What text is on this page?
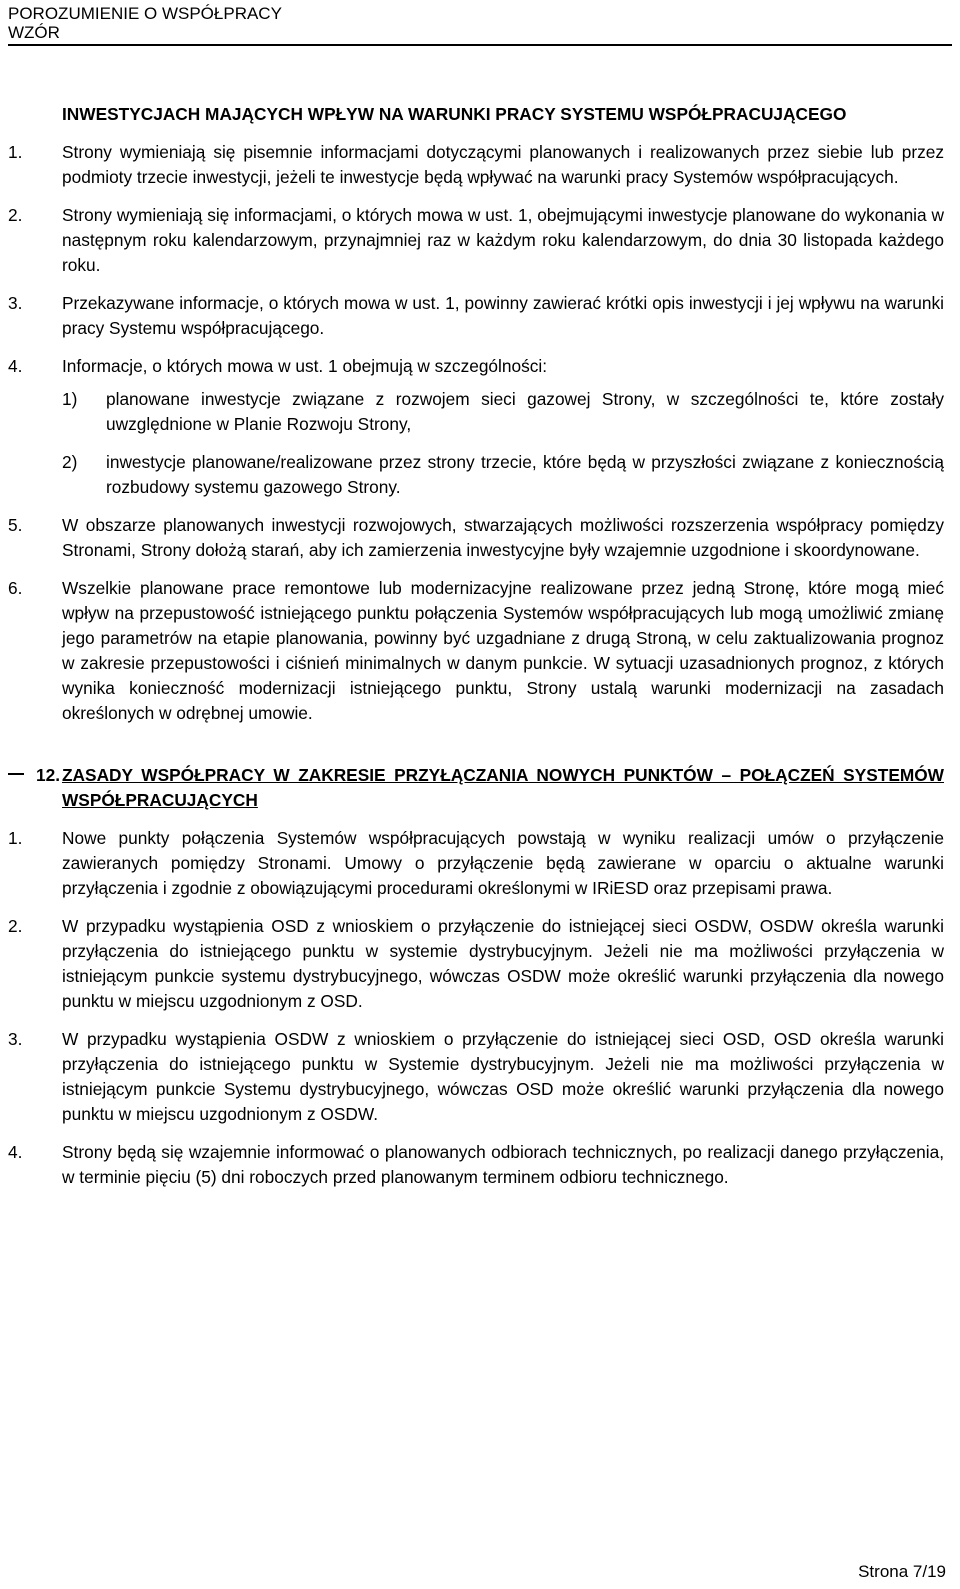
POROZUMIENIE O WSPÓŁPRACY
WZÓR
INWESTYCJACH MAJĄCYCH WPŁYW NA WARUNKI PRACY SYSTEMU WSPÓŁPRACUJĄCEGO
1. Strony wymieniają się pisemnie informacjami dotyczącymi planowanych i realizowanych przez siebie lub przez podmioty trzecie inwestycji, jeżeli te inwestycje będą wpływać na warunki pracy Systemów współpracujących.

2. Strony wymieniają się informacjami, o których mowa w ust. 1, obejmującymi inwestycje planowane do wykonania w następnym roku kalendarzowym, przynajmniej raz w każdym roku kalendarzowym, do dnia 30 listopada każdego roku.

3. Przekazywane informacje, o których mowa w ust. 1, powinny zawierać krótki opis inwestycji i jej wpływu na warunki pracy Systemu współpracującego.

4. Informacje, o których mowa w ust. 1 obejmują w szczególności:

1) planowane inwestycje związane z rozwojem sieci gazowej Strony, w szczególności te, które zostały uwzględnione w Planie Rozwoju Strony,

2) inwestycje planowane/realizowane przez strony trzecie, które będą w przyszłości związane z koniecznością rozbudowy systemu gazowego Strony.

5. W obszarze planowanych inwestycji rozwojowych, stwarzających możliwości rozszerzenia współpracy pomiędzy Stronami, Strony dołożą starań, aby ich zamierzenia inwestycyjne były wzajemnie uzgodnione i skoordynowane.

6. Wszelkie planowane prace remontowe lub modernizacyjne realizowane przez jedną Stronę, które mogą mieć wpływ na przepustowość istniejącego punktu połączenia Systemów współpracujących lub mogą umożliwić zmianę jego parametrów na etapie planowania, powinny być uzgadniane z drugą Stroną, w celu zaktualizowania prognoz w zakresie przepustowości i ciśnień minimalnych w danym punkcie. W sytuacji uzasadnionych prognoz, z których wynika konieczność modernizacji istniejącego punktu, Strony ustalą warunki modernizacji na zasadach określonych w odrębnej umowie.

12. ZASADY WSPÓŁPRACY W ZAKRESIE PRZYŁĄCZANIA NOWYCH PUNKTÓW – POŁĄCZEŃ SYSTEMÓW WSPÓŁPRACUJĄCYCH
1. Nowe punkty połączenia Systemów współpracujących powstają w wyniku realizacji umów o przyłączenie zawieranych pomiędzy Stronami. Umowy o przyłączenie będą zawierane w oparciu o aktualne warunki przyłączenia i zgodnie z obowiązującymi procedurami określonymi w IRiESD oraz przepisami prawa.

2. W przypadku wystąpienia OSD z wnioskiem o przyłączenie do istniejącej sieci OSDW, OSDW określa warunki przyłączenia do istniejącego punktu w systemie dystrybucyjnym. Jeżeli nie ma możliwości przyłączenia w istniejącym punkcie systemu dystrybucyjnego, wówczas OSDW może określić warunki przyłączenia dla nowego punktu w miejscu uzgodnionym z OSD.

3. W przypadku wystąpienia OSDW z wnioskiem o przyłączenie do istniejącej sieci OSD, OSD określa warunki przyłączenia do istniejącego punktu w Systemie dystrybucyjnym. Jeżeli nie ma możliwości przyłączenia w istniejącym punkcie Systemu dystrybucyjnego, wówczas OSD może określić warunki przyłączenia dla nowego punktu w miejscu uzgodnionym z OSDW.

4. Strony będą się wzajemnie informować o planowanych odbiorach technicznych, po realizacji danego przyłączenia, w terminie pięciu (5) dni roboczych przed planowanym terminem odbioru technicznego.

Strona 7/19
